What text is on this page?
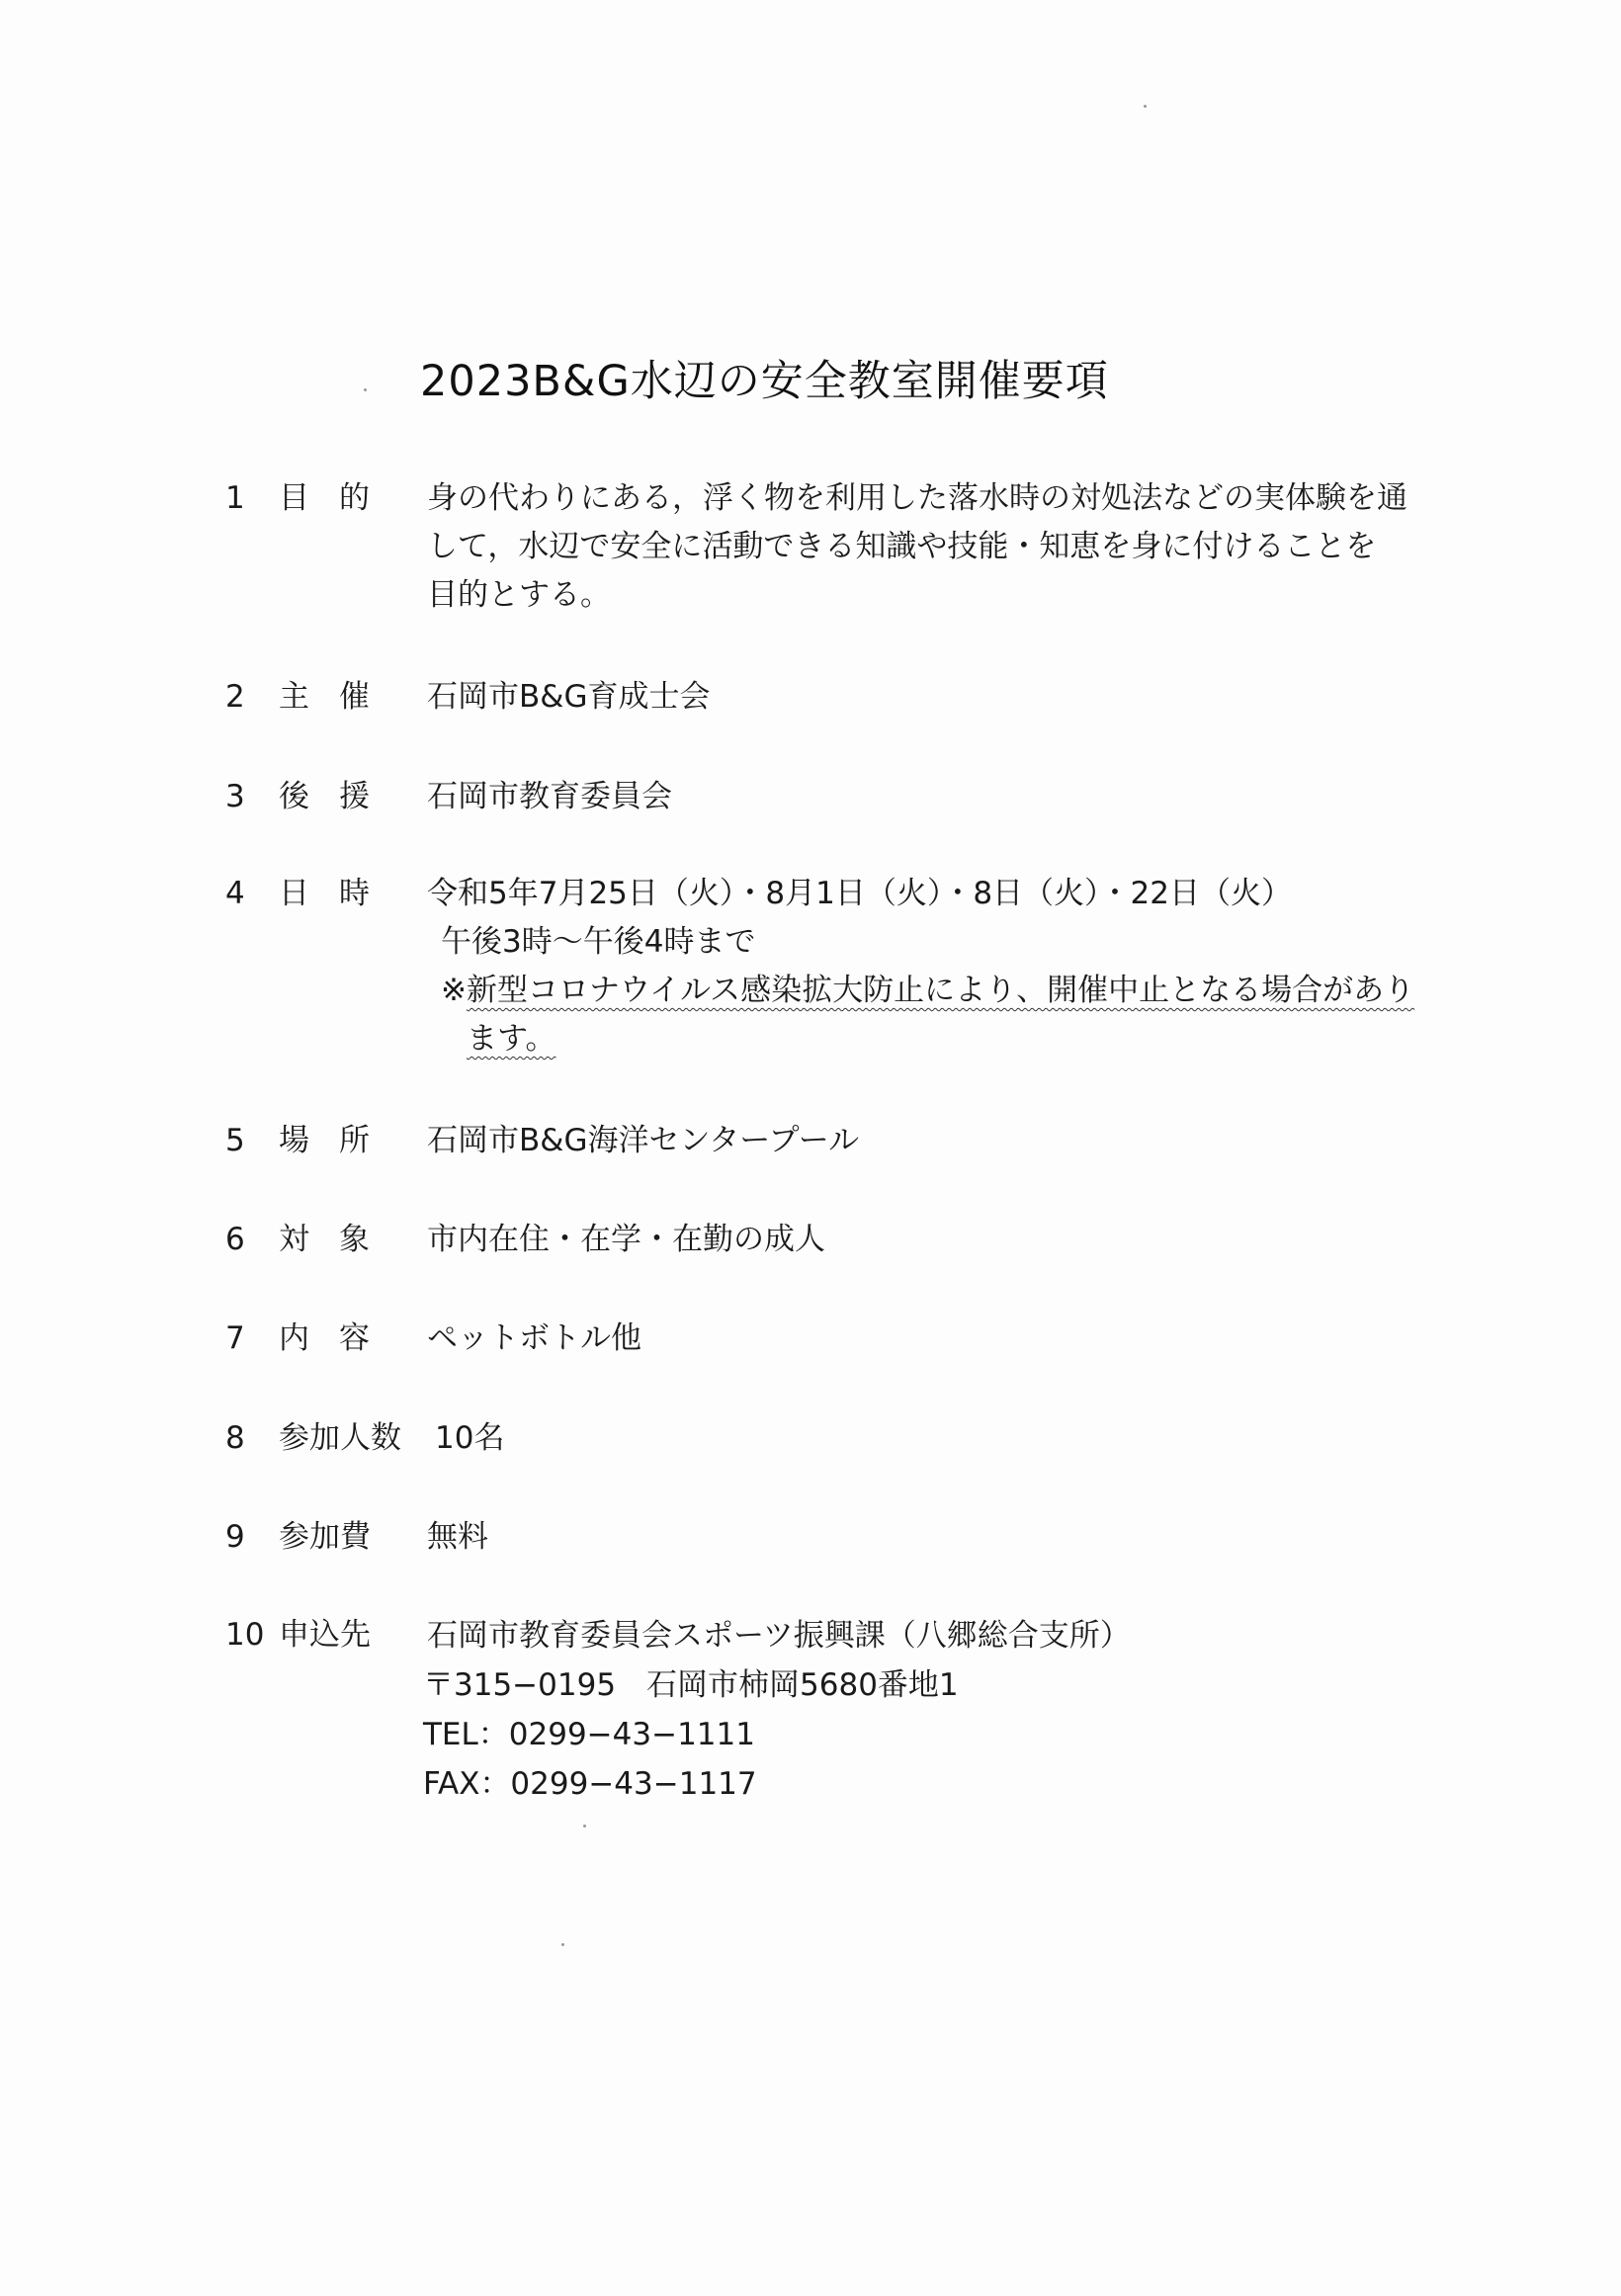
2023B&G水辺の安全教室開催要項
1	目的 身の代わりにある，浮く物を利用した落水時の対処法などの実体験を通
して，水辺で安全に活動できる知識や技能・知恵を身に付けることを
目的とする。
2	主催 石岡市B&G育成士会
3	後援 石岡市教育委員会
4	日時 令和5年7月25日（火）・8月1日（火）・8日（火）・22日（火）
午後3時～午後4時まで
※新型コロナウイルス感染拡大防止により、開催中止となる場合があり
ます。
5	場所 石岡市B&G海洋センタープール
6	対象 市内在住・在学・在勤の成人
7	内容 ペットボトル他
8	参加人数 10名
9	参加費 無料
10 申込先 石岡市教育委員会スポーツ振興課（八郷総合支所）
〒315−0195　石岡市柿岡5680番地1
TEL：0299−43−1111
FAX：0299−43−1117
